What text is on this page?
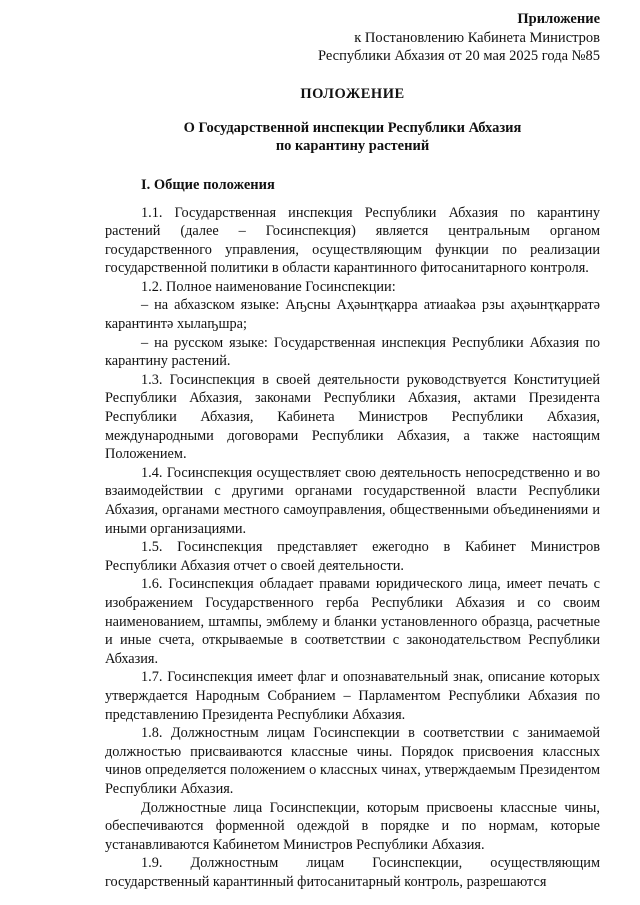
Приложение
к Постановлению Кабинета Министров
Республики Абхазия от 20 мая 2025 года №85
ПОЛОЖЕНИЕ
О Государственной инспекции Республики Абхазия
по карантину растений
I. Общие положения

1.1. Государственная инспекция Республики Абхазия по карантину растений (далее – Госинспекция) является центральным органом государственного управления, осуществляющим функции по реализации государственной политики в области карантинного фитосанитарного контроля.

1.2. Полное наименование Госинспекции:

– на абхазском языке: Аҧсны Аҳәынҭқарра атиааҟәа рзы аҳәынҭқарратә карантинтә хылаҧшра;

– на русском языке: Государственная инспекция Республики Абхазия по карантину растений.

1.3. Госинспекция в своей деятельности руководствуется Конституцией Республики Абхазия, законами Республики Абхазия, актами Президента Республики Абхазия, Кабинета Министров Республики Абхазия, международными договорами Республики Абхазия, а также настоящим Положением.

1.4. Госинспекция осуществляет свою деятельность непосредственно и во взаимодействии с другими органами государственной власти Республики Абхазия, органами местного самоуправления, общественными объединениями и иными организациями.

1.5. Госинспекция представляет ежегодно в Кабинет Министров Республики Абхазия отчет о своей деятельности.

1.6. Госинспекция обладает правами юридического лица, имеет печать с изображением Государственного герба Республики Абхазия и со своим наименованием, штампы, эмблему и бланки установленного образца, расчетные и иные счета, открываемые в соответствии с законодательством Республики Абхазия.

1.7. Госинспекция имеет флаг и опознавательный знак, описание которых утверждается Народным Собранием – Парламентом Республики Абхазия по представлению Президента Республики Абхазия.

1.8. Должностным лицам Госинспекции в соответствии с занимаемой должностью присваиваются классные чины. Порядок присвоения классных чинов определяется положением о классных чинах, утверждаемым Президентом Республики Абхазия.

Должностные лица Госинспекции, которым присвоены классные чины, обеспечиваются форменной одеждой в порядке и по нормам, которые устанавливаются Кабинетом Министров Республики Абхазия.

1.9. Должностным лицам Госинспекции, осуществляющим государственный карантинный фитосанитарный контроль, разрешаются
